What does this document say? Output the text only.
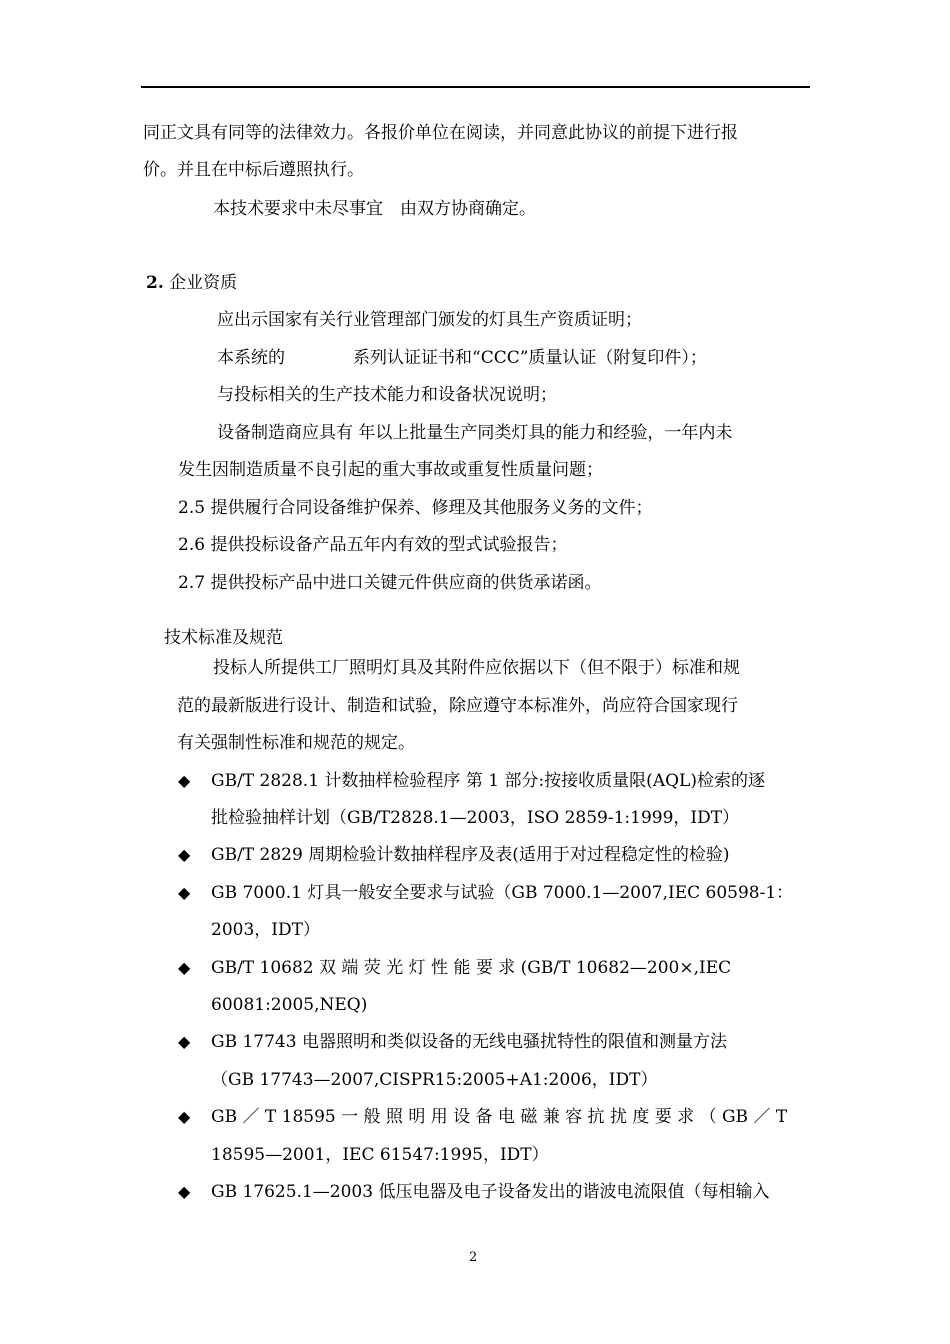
同正文具有同等的法律效力。各报价单位在阅读，并同意此协议的前提下进行报
价。并且在中标后遵照执行。
本技术要求中未尽事宜　由双方协商确定。
2. 企业资质
应出示国家有关行业管理部门颁发的灯具生产资质证明；
本系统的　　　　系列认证证书和“CCC”质量认证（附复印件）；
与投标相关的生产技术能力和设备状况说明；
设备制造商应具有 年以上批量生产同类灯具的能力和经验，一年内未
发生因制造质量不良引起的重大事故或重复性质量问题；
2.5 提供履行合同设备维护保养、修理及其他服务义务的文件；
2.6 提供投标设备产品五年内有效的型式试验报告；
2.7 提供投标产品中进口关键元件供应商的供货承诺函。
技术标准及规范
投标人所提供工厂照明灯具及其附件应依据以下（但不限于）标准和规
范的最新版进行设计、制造和试验，除应遵守本标准外，尚应符合国家现行
有关强制性标准和规范的规定。
◆ GB/T 2828.1 计数抽样检验程序 第 1 部分:按接收质量限(AQL)检索的逐
批检验抽样计划（GB/T2828.1—2003，ISO 2859-1:1999，IDT）
◆ GB/T 2829 周期检验计数抽样程序及表(适用于对过程稳定性的检验)
◆ GB 7000.1 灯具一般安全要求与试验（GB 7000.1—2007,IEC 60598-1：
2003，IDT）
◆ GB/T 10682 双 端 荧 光 灯 性 能 要 求 (GB/T 10682—200×,IEC
60081:2005,NEQ)
◆ GB 17743 电器照明和类似设备的无线电骚扰特性的限值和测量方法
（GB 17743—2007,CISPR15:2005+A1:2006，IDT）
◆ GB ／ T 18595 一 般 照 明 用 设 备 电 磁 兼 容 抗 扰 度 要 求 （ GB ／ T
18595—2001，IEC 61547:1995，IDT）
◆ GB 17625.1—2003 低压电器及电子设备发出的谐波电流限值（每相输入
2
